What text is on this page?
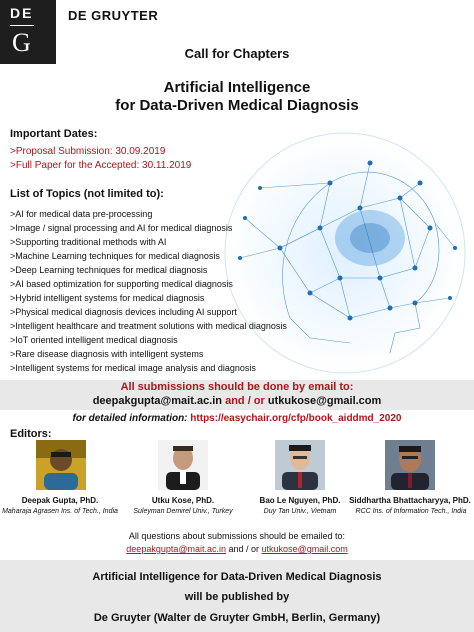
DE
G
DE GRUYTER
Call for Chapters
Artificial Intelligence
for Data-Driven Medical Diagnosis
Important Dates:
>Proposal Submission: 30.09.2019
>Full Paper for the Accepted: 30.11.2019
List of Topics (not limited to):
>AI for medical data pre-processing
>Image / signal processing and AI for medical diagnosis
>Supporting traditional methods with AI
>Machine Learning techniques for medical diagnosis
>Deep Learning techniques for medical diagnosis
>AI based optimization for supporting medical diagnosis
>Hybrid intelligent systems for medical diagnosis
>Physical medical diagnosis devices including AI support
>Intelligent healthcare and treatment solutions with medical diagnosis
>IoT oriented intelligent medical diagnosis
>Rare disease diagnosis with intelligent systems
>Intelligent systems for medical image analysis and diagnosis
All submissions should be done by email to:
deepakgupta@mait.ac.in and / or utkukose@gmail.com
for detailed information: https://easychair.org/cfp/book_aiddmd_2020
Editors:
Deepak Gupta, PhD.
Maharaja Agrasen Ins. of Tech., India
Utku Kose, PhD.
Suleyman Demirel Univ., Turkey
Bao Le Nguyen, PhD.
Duy Tan Univ., Vietnam
Siddhartha Bhattacharyya, PhD.
RCC Ins. of Information Tech., India
All questions about submissions should be emailed to:
deepakgupta@mait.ac.in and / or utkukose@gmail.com
Artificial Intelligence for Data-Driven Medical Diagnosis
will be published by
De Gruyter (Walter de Gruyter GmbH, Berlin, Germany)
